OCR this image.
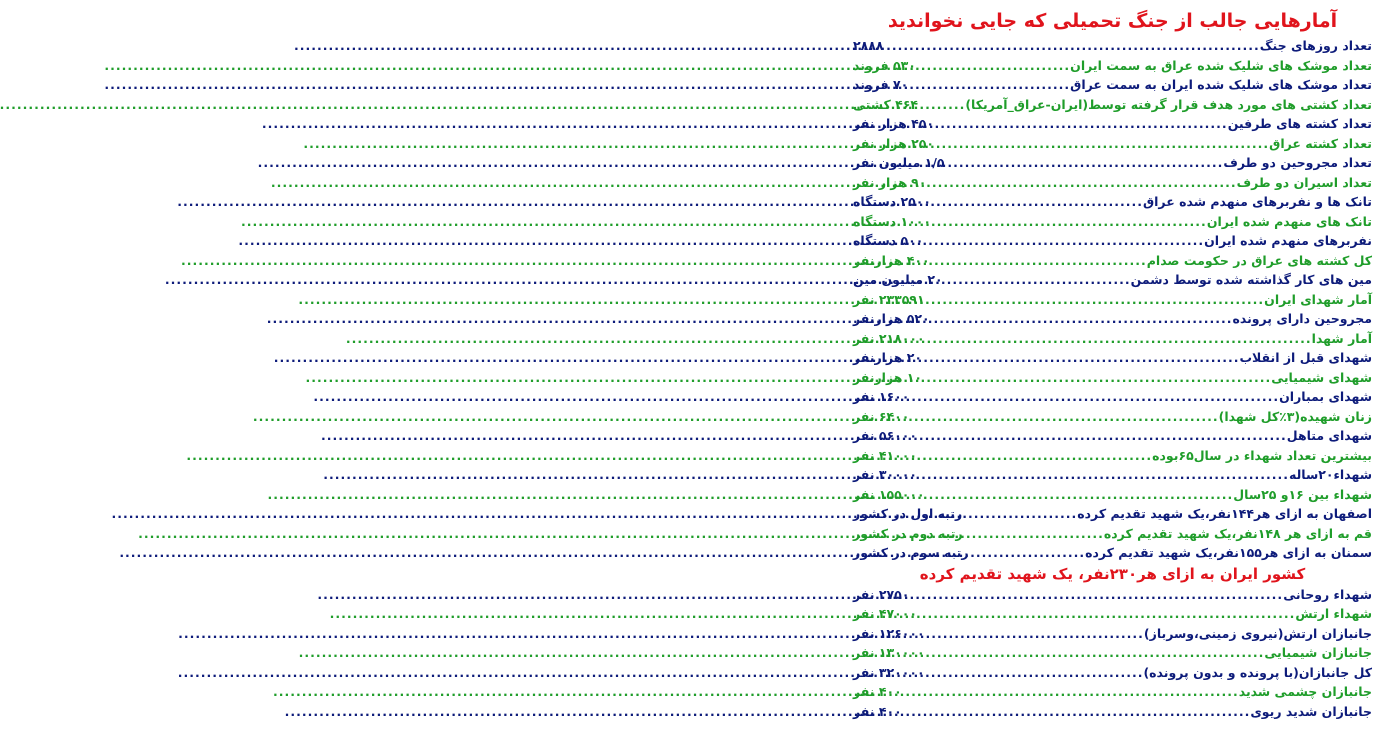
آمارهایی جالب از جنگ تحمیلی که جایی نخوانديد
تعداد روزهای جنگ
.....
۲۸۸۸
تعداد موشک های شلیک شده عراق به سمت ایران
.....
۵۳۰ فروند
تعداد موشک های شلیک شده ایران به سمت عراق
.....
۷۰ فروند
تعداد کشتی های مورد هدف قرار گرفته توسط(ایران-عراق_آمریکا)
.....
۴۶۴ کشتی
تعداد کشته های طرفین
.....
۴۵۰ هزار نفر
تعداد کشته عراق
.....
۲۵۰ هزار نفر
تعداد مجروحین دو طرف
.....
۱/۵ میلیون نفر
تعداد اسیران دو طرف
.....
۹۰ هزار نفر
تانک ها و نفربرهای منهدم شده عراق
.....
۲۵۰۰ دستگاه
تانک های منهدم شده ایران
.....
۱۰۰۰ دستگاه
نفربرهای منهدم شده ایران
.....
۵۰۰ دستگاه
کل کشته های عراق در حکومت صدام
.....
۴۰۰ هزارنفر
مین های کار گذاشته شده توسط دشمن
.....
۲۰ میلیون مین
آمار شهدای ایران
.....
۲۳۳۵۹۱ نفر
مجروحین دارای پرونده
.....
۵۲۰ هزارنفر
آمار شهدا
.....
۲۱۸۰۰۰ نفر
شهدای قبل از انقلاب
.....
۲۰ هزارنفر
شهدای شیمیایی
.....
۱۰ هزارنفر
شهدای بمباران
.....
۱۶۰۰ نفر
زنان شهیده(۳٪کل شهدا)
.....
۶۴۰۰ نفر
شهدای متاهل
.....
۵۶۰۰۰ نفر
بیشترین تعداد شهداء در سال۶۵بوده
.....
۴۱۰۰۰ نفر
شهداء۲۰ساله
.....
۳۰۰۰۰ نفر
شهداء بین ۱۶و ۲۵سال
.....
۱۵۵۰۰۰ نفر
اصفهان به ازای هر۱۴۴نفر،یک شهید تقدیم کرده
.....
رتبه اول در کشور
قم به ازای هر ۱۴۸نفر،یک شهید تقدیم کرده
.....
رتبه دوم در کشور
سمنان به ازای هر۱۵۵نفر،یک شهید تقدیم کرده
.....
رتبه سوم در کشور
کشور ایران به ازای هر۲۳۰نفر، یک شهید تقدیم کرده
شهداء روحانی
.....
۲۷۵۰ نفر
شهداء ارتش
.....
۴۷۰۰۰ نفر
جانبازان ارتش(نیروی زمینی،وسرباز)
.....
۱۲۶۰۰۰ نفر
جانبازان شیمیایی
.....
۱۳۰۰۰۰ نفر
کل جانبازان(با پرونده و بدون پرونده)
.....
۳۲۰۰۰۰ نفر
جانبازان چشمی شدید
.....
۴۰۰ نفر
جانبازان شدید ریوی
.....
۴۰۰ نفر
